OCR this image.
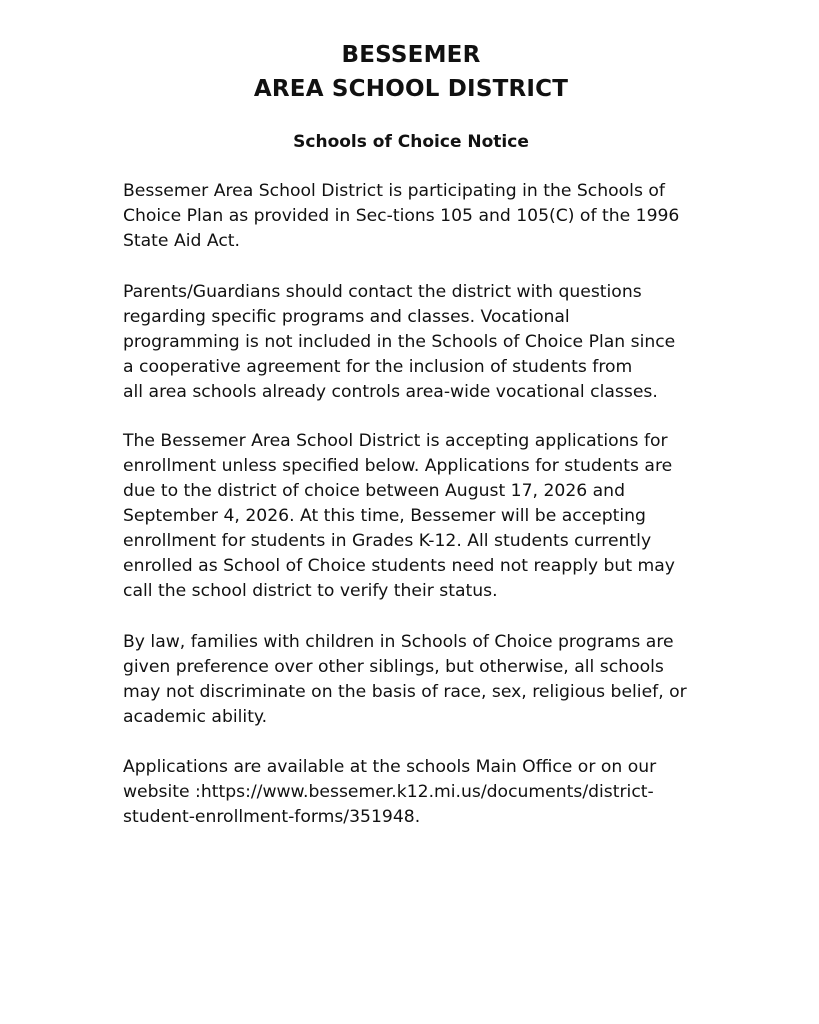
BESSEMER
AREA SCHOOL DISTRICT
Schools of Choice Notice
Bessemer Area School District is participating in the Schools of
Choice Plan as provided in Sec-tions 105 and 105(C) of the 1996
State Aid Act.
Parents/Guardians should contact the district with questions
regarding specific programs and classes. Vocational
programming is not included in the Schools of Choice Plan since
a cooperative agreement for the inclusion of students from
all area schools already controls area-wide vocational classes.
The Bessemer Area School District is accepting applications for
enrollment unless specified below. Applications for students are
due to the district of choice between August 17, 2026 and
September 4, 2026. At this time, Bessemer will be accepting
enrollment for students in Grades K-12. All students currently
enrolled as School of Choice students need not reapply but may
call the school district to verify their status.
By law, families with children in Schools of Choice programs are
given preference over other siblings, but otherwise, all schools
may not discriminate on the basis of race, sex, religious belief, or
academic ability.
Applications are available at the schools Main Office or on our
website :https://www.bessemer.k12.mi.us/documents/district-
student-enrollment-forms/351948.
